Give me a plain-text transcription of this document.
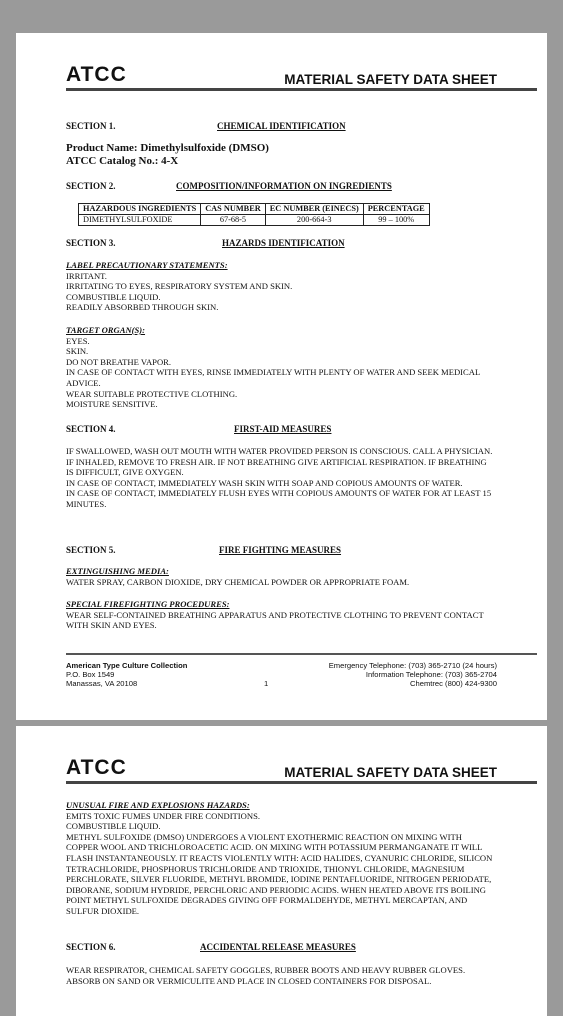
ATCC	MATERIAL SAFETY DATA SHEET
SECTION 1.	CHEMICAL IDENTIFICATION
Product Name: Dimethylsulfoxide (DMSO)
ATCC Catalog No.: 4-X
SECTION 2.	COMPOSITION/INFORMATION ON INGREDIENTS
HAZARDOUS INGREDIENTS	CAS NUMBER	EC NUMBER (EINECS)	PERCENTAGE
DIMETHYLSULFOXIDE	67-68-5	200-664-3	99 – 100%
SECTION 3.	HAZARDS IDENTIFICATION
LABEL PRECAUTIONARY STATEMENTS:
IRRITANT.
IRRITATING TO EYES, RESPIRATORY SYSTEM AND SKIN.
COMBUSTIBLE LIQUID.
READILY ABSORBED THROUGH SKIN.
TARGET ORGAN(S):
EYES.
SKIN.
DO NOT BREATHE VAPOR.
IN CASE OF CONTACT WITH EYES, RINSE IMMEDIATELY WITH PLENTY OF WATER AND SEEK MEDICAL ADVICE.
WEAR SUITABLE PROTECTIVE CLOTHING.
MOISTURE SENSITIVE.
SECTION 4.	FIRST-AID MEASURES
IF SWALLOWED, WASH OUT MOUTH WITH WATER PROVIDED PERSON IS CONSCIOUS. CALL A PHYSICIAN.
IF INHALED, REMOVE TO FRESH AIR. IF NOT BREATHING GIVE ARTIFICIAL RESPIRATION. IF BREATHING IS DIFFICULT, GIVE OXYGEN.
IN CASE OF CONTACT, IMMEDIATELY WASH SKIN WITH SOAP AND COPIOUS AMOUNTS OF WATER.
IN CASE OF CONTACT, IMMEDIATELY FLUSH EYES WITH COPIOUS AMOUNTS OF WATER FOR AT LEAST 15 MINUTES.
SECTION 5.	FIRE FIGHTING MEASURES
EXTINGUISHING MEDIA:
WATER SPRAY, CARBON DIOXIDE, DRY CHEMICAL POWDER OR APPROPRIATE FOAM.
SPECIAL FIREFIGHTING PROCEDURES:
WEAR SELF-CONTAINED BREATHING APPARATUS AND PROTECTIVE CLOTHING TO PREVENT CONTACT WITH SKIN AND EYES.
American Type Culture Collection
P.O. Box 1549
Manassas, VA 20108	1
Emergency Telephone: (703) 365-2710 (24 hours)
Information Telephone: (703) 365-2704
Chemtrec (800) 424-9300
ATCC	MATERIAL SAFETY DATA SHEET
UNUSUAL FIRE AND EXPLOSIONS HAZARDS:
EMITS TOXIC FUMES UNDER FIRE CONDITIONS.
COMBUSTIBLE LIQUID.
METHYL SULFOXIDE (DMSO) UNDERGOES A VIOLENT EXOTHERMIC REACTION ON MIXING WITH COPPER WOOL AND TRICHLOROACETIC ACID. ON MIXING WITH POTASSIUM PERMANGANATE IT WILL FLASH INSTANTANEOUSLY. IT REACTS VIOLENTLY WITH: ACID HALIDES, CYANURIC CHLORIDE, SILICON TETRACHLORIDE, PHOSPHORUS TRICHLORIDE AND TRIOXIDE, THIONYL CHLORIDE, MAGNESIUM PERCHLORATE, SILVER FLUORIDE, METHYL BROMIDE, IODINE PENTAFLUORIDE, NITROGEN PERIODATE, DIBORANE, SODIUM HYDRIDE, PERCHLORIC AND PERIODIC ACIDS. WHEN HEATED ABOVE ITS BOILING POINT METHYL SULFOXIDE DEGRADES GIVING OFF FORMALDEHYDE, METHYL MERCAPTAN, AND SULFUR DIOXIDE.
SECTION 6.	ACCIDENTAL RELEASE MEASURES
WEAR RESPIRATOR, CHEMICAL SAFETY GOGGLES, RUBBER BOOTS AND HEAVY RUBBER GLOVES.
ABSORB ON SAND OR VERMICULITE AND PLACE IN CLOSED CONTAINERS FOR DISPOSAL.
